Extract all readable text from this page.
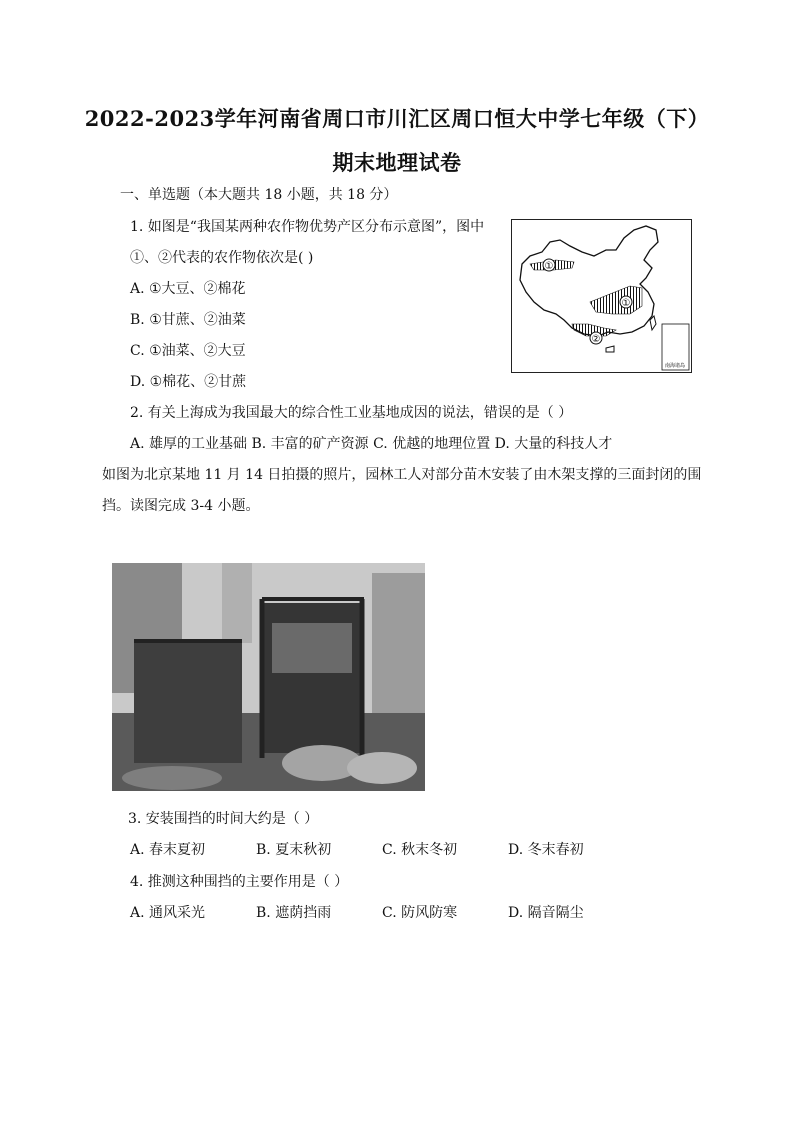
2022-2023学年河南省周口市川汇区周口恒大中学七年级（下）
期末地理试卷
一、单选题（本大题共 18 小题，共 18 分）
1. 如图是“我国某两种农作物优势产区分布示意图”，图中
①、②代表的农作物依次是( )
A. ①大豆、②棉花
B. ①甘蔗、②油菜
C. ①油菜、②大豆
D. ①棉花、②甘蔗
①
①
②
南海诸岛
2. 有关上海成为我国最大的综合性工业基地成因的说法，错误的是（ ）
A. 雄厚的工业基础 B. 丰富的矿产资源 C. 优越的地理位置 D. 大量的科技人才
如图为北京某地 11 月 14 日拍摄的照片，园林工人对部分苗木安装了由木架支撑的三面封闭的围
挡。读图完成 3-4 小题。
3. 安装围挡的时间大约是（ ）
A. 春末夏初	B. 夏末秋初	C. 秋末冬初	D. 冬末春初
4. 推测这种围挡的主要作用是（ ）
A. 通风采光	B. 遮荫挡雨	C. 防风防寒	D. 隔音隔尘
